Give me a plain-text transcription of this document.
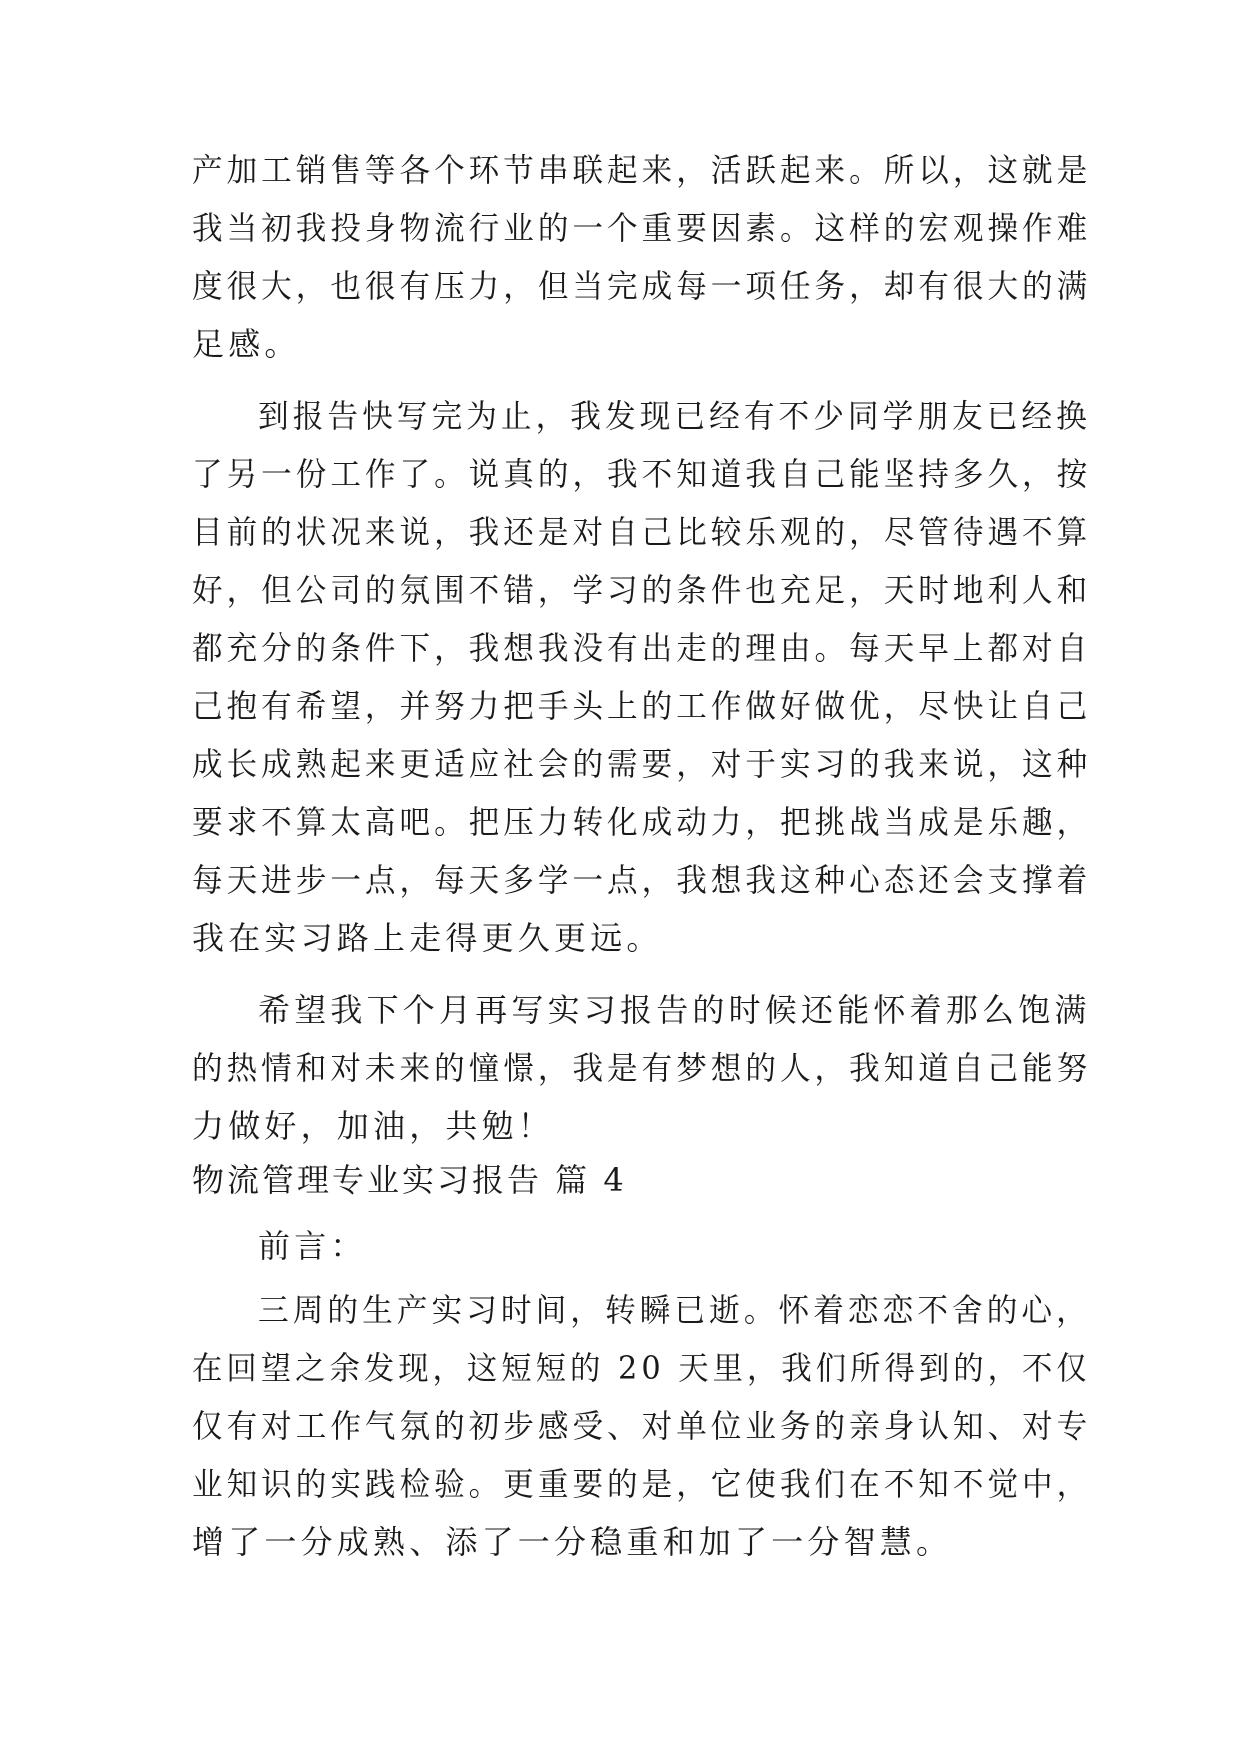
产加工销售等各个环节串联起来，活跃起来。所以，这就是
我当初我投身物流行业的一个重要因素。这样的宏观操作难
度很大，也很有压力，但当完成每一项任务，却有很大的满
足感。
到报告快写完为止，我发现已经有不少同学朋友已经换
了另一份工作了。说真的，我不知道我自己能坚持多久，按
目前的状况来说，我还是对自己比较乐观的，尽管待遇不算
好，但公司的氛围不错，学习的条件也充足，天时地利人和
都充分的条件下，我想我没有出走的理由。每天早上都对自
己抱有希望，并努力把手头上的工作做好做优，尽快让自己
成长成熟起来更适应社会的需要，对于实习的我来说，这种
要求不算太高吧。把压力转化成动力，把挑战当成是乐趣，
每天进步一点，每天多学一点，我想我这种心态还会支撑着
我在实习路上走得更久更远。
希望我下个月再写实习报告的时候还能怀着那么饱满
的热情和对未来的憧憬，我是有梦想的人，我知道自己能努
力做好，加油，共勉！
物流管理专业实习报告 篇 4
前言：
三周的生产实习时间，转瞬已逝。怀着恋恋不舍的心，
在回望之余发现，这短短的 20 天里，我们所得到的，不仅
仅有对工作气氛的初步感受、对单位业务的亲身认知、对专
业知识的实践检验。更重要的是，它使我们在不知不觉中，
增了一分成熟、添了一分稳重和加了一分智慧。
